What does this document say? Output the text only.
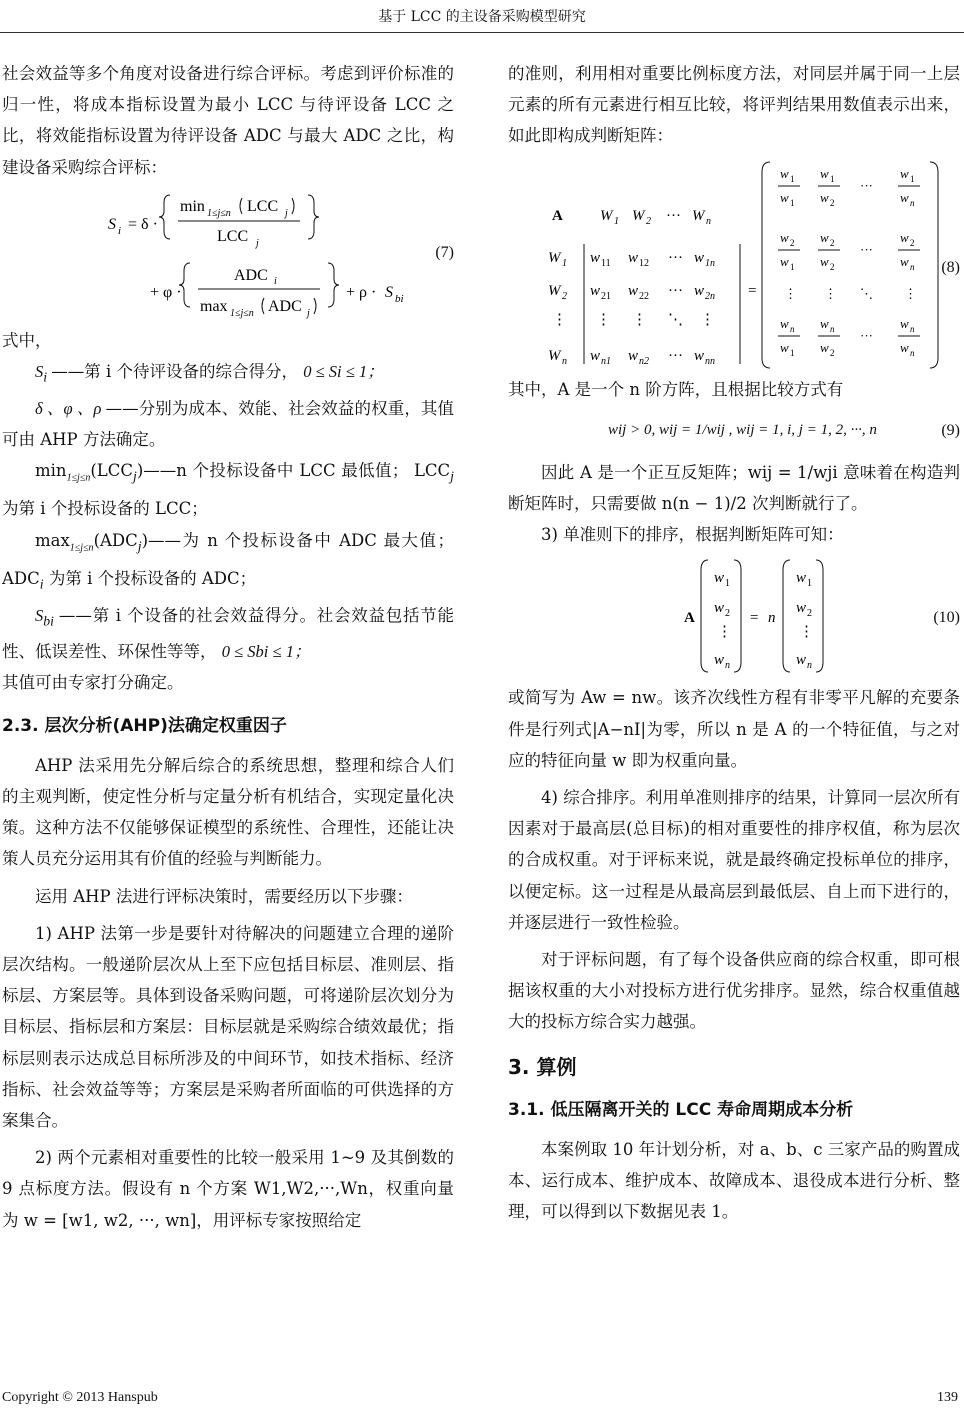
基于 LCC 的主设备采购模型研究

社会效益等多个角度对设备进行综合评标。考虑到评价标准的归一性，将成本指标设置为最小 LCC 与待评设备 LCC 之比，将效能指标设置为待评设备 ADC 与最大 ADC 之比，构建设备采购综合评标：

S i = δ ·
min 1≤j≤n LCC j
LCC j
+ φ ·
ADC i
max 1≤j≤n ADC j
+ ρ · S bi
(7)

式中，

$S_i$ ——第 i 个待评设备的综合得分， 0 ≤ Si ≤ 1；

δ 、φ 、ρ ——分别为成本、效能、社会效益的权重，其值可由 AHP 方法确定。

$\min_{1\le j\le n}(LCC_j)——n$ 个投标设备中 LCC 最低值； $LCC_j$ 为第 i 个投标设备的 LCC；

$\max_{1\le j\le n}(ADC_j)——$为 n 个投标设备中 ADC 最大值； $ADC_i$ 为第 i 个投标设备的 ADC；

$S_{bi}$ ——第 i 个设备的社会效益得分。社会效益包括节能性、低误差性、环保性等等， 0 ≤ Sbi ≤ 1；

其值可由专家打分确定。

2.3. 层次分析(AHP)法确定权重因子

AHP 法采用先分解后综合的系统思想，整理和综合人们的主观判断，使定性分析与定量分析有机结合，实现定量化决策。这种方法不仅能够保证模型的系统性、合理性，还能让决策人员充分运用其有价值的经验与判断能力。

运用 AHP 法进行评标决策时，需要经历以下步骤：

1) AHP 法第一步是要针对待解决的问题建立合理的递阶层次结构。一般递阶层次从上至下应包括目标层、准则层、指标层、方案层等。具体到设备采购问题，可将递阶层次划分为目标层、指标层和方案层：目标层就是采购综合绩效最优；指标层则表示达成总目标所涉及的中间环节，如技术指标、经济指标、社会效益等等；方案层是采购者所面临的可供选择的方案集合。

2) 两个元素相对重要性的比较一般采用 1~9 及其倒数的 9 点标度方法。假设有 n 个方案 W1,W2,···,Wn，权重向量为 w = [w1, w2, ···, wn]，用评标专家按照给定

的准则，利用相对重要比例标度方法，对同层并属于同一上层元素的所有元素进行相互比较，将评判结果用数值表示出来，如此即构成判断矩阵：

A W 1 W 2 ··· W n
W 1
W 2
⋮
W n
w 11 w 12 ··· w 1n
w 21 w 22 ··· w 2n
⋮ ⋮ ⋱ ⋮
w n1 w n2 ··· w nn
=
w 1
w 1
w 1
w 2
···
w 1
w n
w 2
w 1
w 2
w 2
···
w 2
w n
⋮ ⋮ ⋱ ⋮
w n
w 1
w n
w 2
···
w n
w n
(8)

其中，A 是一个 n 阶方阵，且根据比较方式有

wij > 0, wij = 1/wij , wij = 1, i, j = 1, 2, ···, n	(9)

因此 A 是一个正互反矩阵；wij = 1/wji 意味着在构造判断矩阵时，只需要做 n(n − 1)/2 次判断就行了。

3) 单准则下的排序，根据判断矩阵可知：

A
w 1
w 2
⋮
w n
= n
w 1
w 2
⋮
w n
(10)

或简写为 Aw = nw。该齐次线性方程有非零平凡解的充要条件是行列式|A−nI|为零，所以 n 是 A 的一个特征值，与之对应的特征向量 w 即为权重向量。

4) 综合排序。利用单准则排序的结果，计算同一层次所有因素对于最高层(总目标)的相对重要性的排序权值，称为层次的合成权重。对于评标来说，就是最终确定投标单位的排序，以便定标。这一过程是从最高层到最低层、自上而下进行的，并逐层进行一致性检验。

对于评标问题，有了每个设备供应商的综合权重，即可根据该权重的大小对投标方进行优劣排序。显然，综合权重值越大的投标方综合实力越强。

3. 算例
3.1. 低压隔离开关的 LCC 寿命周期成本分析

本案例取 10 年计划分析，对 a、b、c 三家产品的购置成本、运行成本、维护成本、故障成本、退役成本进行分析、整理，可以得到以下数据见表 1。

Copyright © 2013 Hanspub	139
